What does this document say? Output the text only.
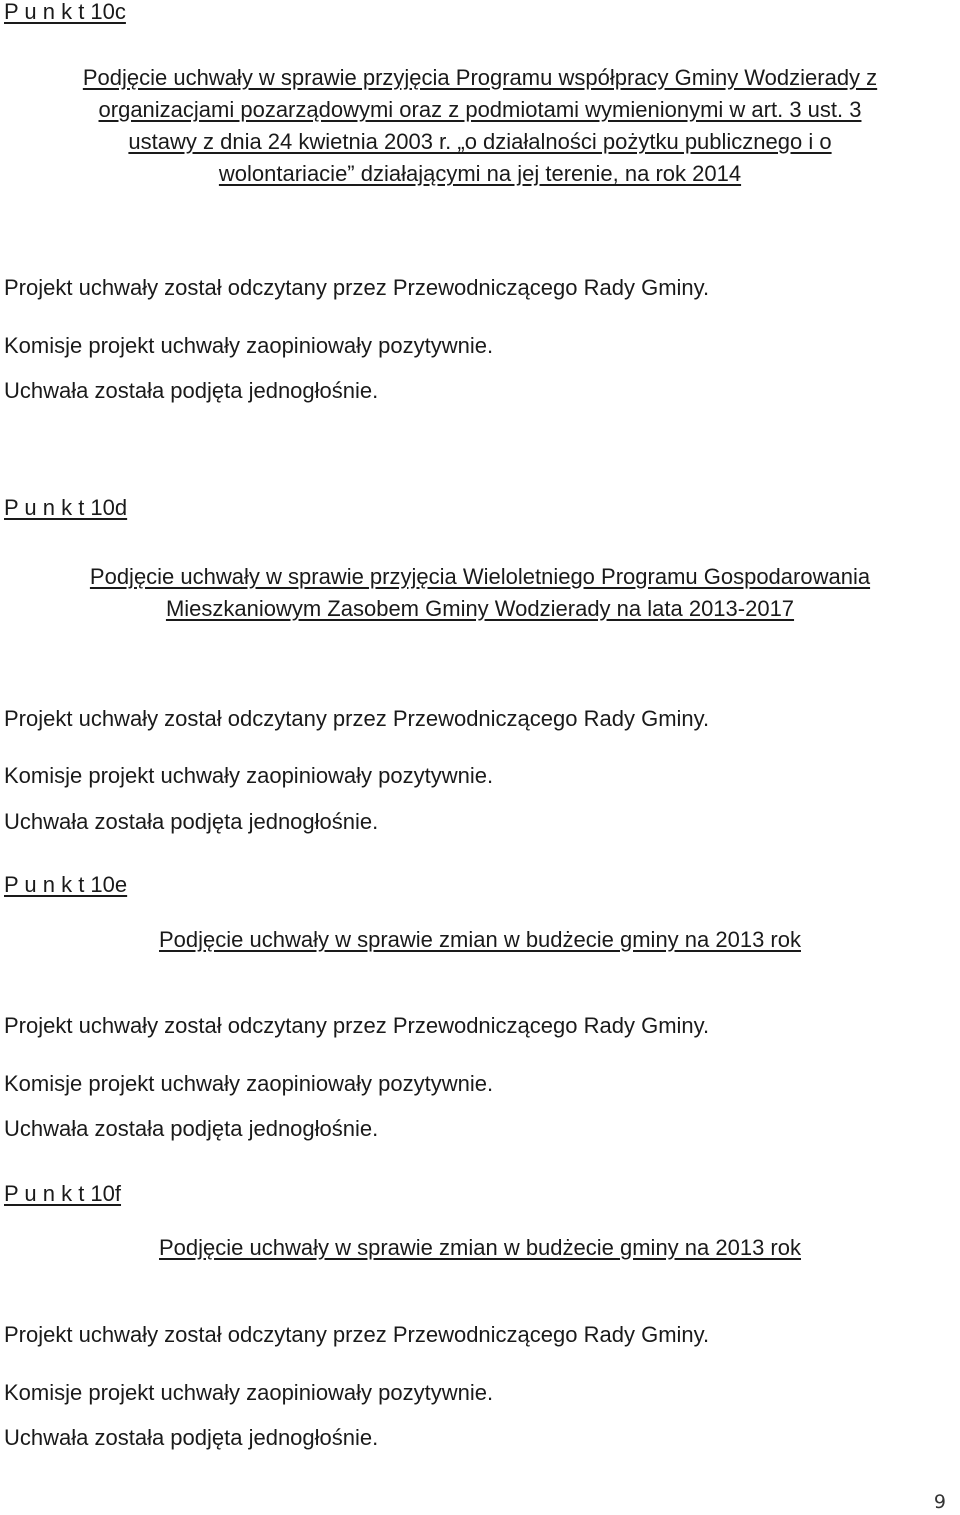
P u n k t 10c
Podjęcie uchwały w sprawie przyjęcia Programu współpracy Gminy Wodzierady z
organizacjami pozarządowymi oraz z podmiotami wymienionymi w art. 3 ust. 3
ustawy z dnia 24 kwietnia 2003 r. „o działalności pożytku publicznego i o
wolontariacie” działającymi na jej terenie, na rok 2014
Projekt uchwały został odczytany przez Przewodniczącego Rady Gminy.
Komisje projekt uchwały zaopiniowały pozytywnie.
Uchwała została podjęta jednogłośnie.
P u n k t 10d
Podjęcie uchwały w sprawie przyjęcia Wieloletniego Programu Gospodarowania
Mieszkaniowym Zasobem Gminy Wodzierady na lata 2013-2017
Projekt uchwały został odczytany przez Przewodniczącego Rady Gminy.
Komisje projekt uchwały zaopiniowały pozytywnie.
Uchwała została podjęta jednogłośnie.
P u n k t 10e
Podjęcie uchwały w sprawie zmian w budżecie gminy na 2013 rok
Projekt uchwały został odczytany przez Przewodniczącego Rady Gminy.
Komisje projekt uchwały zaopiniowały pozytywnie.
Uchwała została podjęta jednogłośnie.
P u n k t 10f
Podjęcie uchwały w sprawie zmian w budżecie gminy na 2013 rok
Projekt uchwały został odczytany przez Przewodniczącego Rady Gminy.
Komisje projekt uchwały zaopiniowały pozytywnie.
Uchwała została podjęta jednogłośnie.
9
